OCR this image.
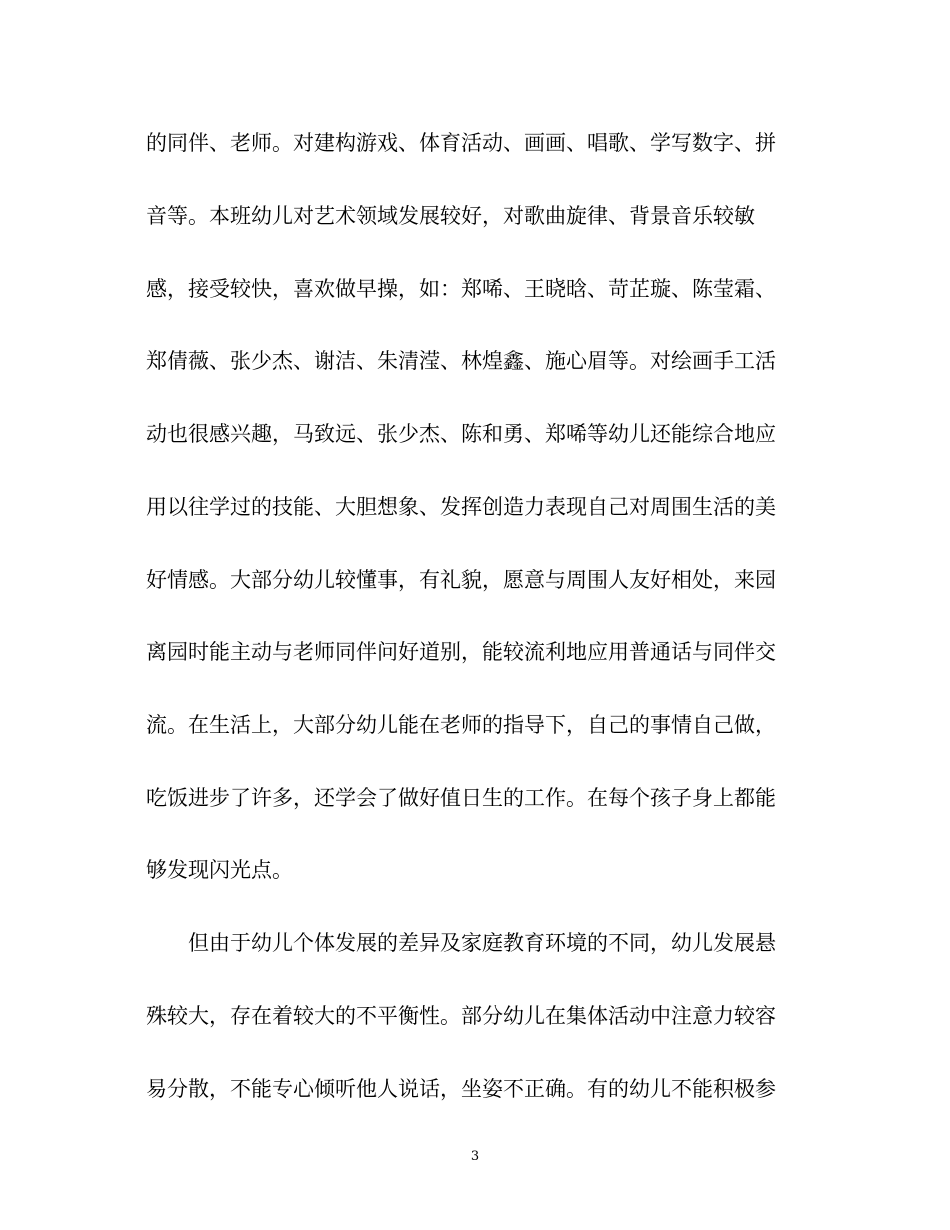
的同伴、老师。对建构游戏、体育活动、画画、唱歌、学写数字、拼
音等。本班幼儿对艺术领域发展较好，对歌曲旋律、背景音乐较敏
感，接受较快，喜欢做早操，如：郑唏、王晓晗、苛芷璇、陈莹霜、
郑倩薇、张少杰、谢洁、朱清滢、林煌鑫、施心眉等。对绘画手工活
动也很感兴趣，马致远、张少杰、陈和勇、郑唏等幼儿还能综合地应
用以往学过的技能、大胆想象、发挥创造力表现自己对周围生活的美
好情感。大部分幼儿较懂事，有礼貌，愿意与周围人友好相处，来园
离园时能主动与老师同伴问好道别，能较流利地应用普通话与同伴交
流。在生活上，大部分幼儿能在老师的指导下，自己的事情自己做，
吃饭进步了许多，还学会了做好值日生的工作。在每个孩子身上都能
够发现闪光点。
但由于幼儿个体发展的差异及家庭教育环境的不同，幼儿发展悬
殊较大，存在着较大的不平衡性。部分幼儿在集体活动中注意力较容
易分散，不能专心倾听他人说话，坐姿不正确。有的幼儿不能积极参
3
